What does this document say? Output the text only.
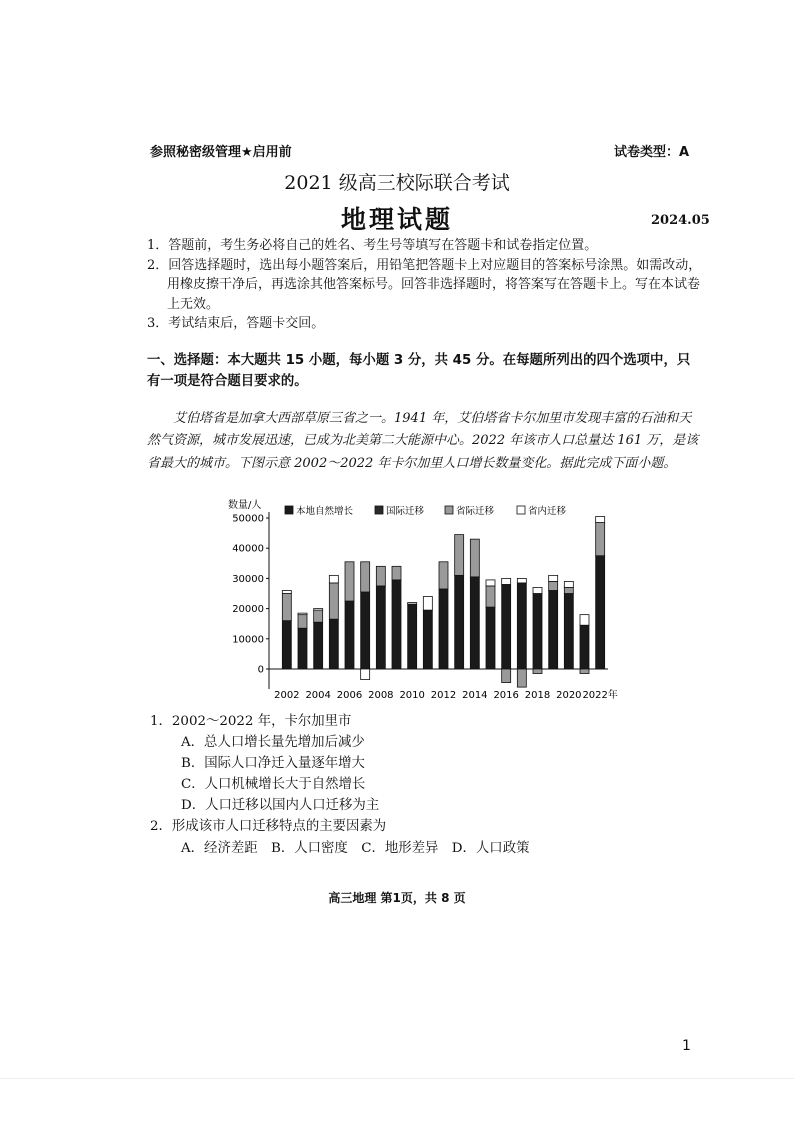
参照秘密级管理★启用前	试卷类型：A
2021 级高三校际联合考试
地理试题	2024.05
1．答题前，考生务必将自己的姓名、考生号等填写在答题卡和试卷指定位置。
2．回答选择题时，选出每小题答案后，用铅笔把答题卡上对应题目的答案标号涂黑。如需改动，用橡皮擦干净后，再选涂其他答案标号。回答非选择题时，将答案写在答题卡上。写在本试卷上无效。
3．考试结束后，答题卡交回。
一、选择题：本大题共 15 小题，每小题 3 分，共 45 分。在每题所列出的四个选项中，只有一项是符合题目要求的。
艾伯塔省是加拿大西部草原三省之一。1941 年，艾伯塔省卡尔加里市发现丰富的石油和天然气资源，城市发展迅速，已成为北美第二大能源中心。2022 年该市人口总量达 161 万，是该省最大的城市。下图示意 2002～2022 年卡尔加里人口增长数量变化。据此完成下面小题。
数量/人
0
10000
20000
30000
40000
50000
2002 2004 2006 2008 2010 2012 2014 2016 2018 2020 2022年
本地自然增长	国际迁移	省际迁移	省内迁移
1．2002～2022 年，卡尔加里市
A．总人口增长量先增加后减少
B．国际人口净迁入量逐年增大
C．人口机械增长大于自然增长
D．人口迁移以国内人口迁移为主
2．形成该市人口迁移特点的主要因素为
A．经济差距　B．人口密度　C．地形差异　D．人口政策
高三地理 第1页，共 8 页
1
